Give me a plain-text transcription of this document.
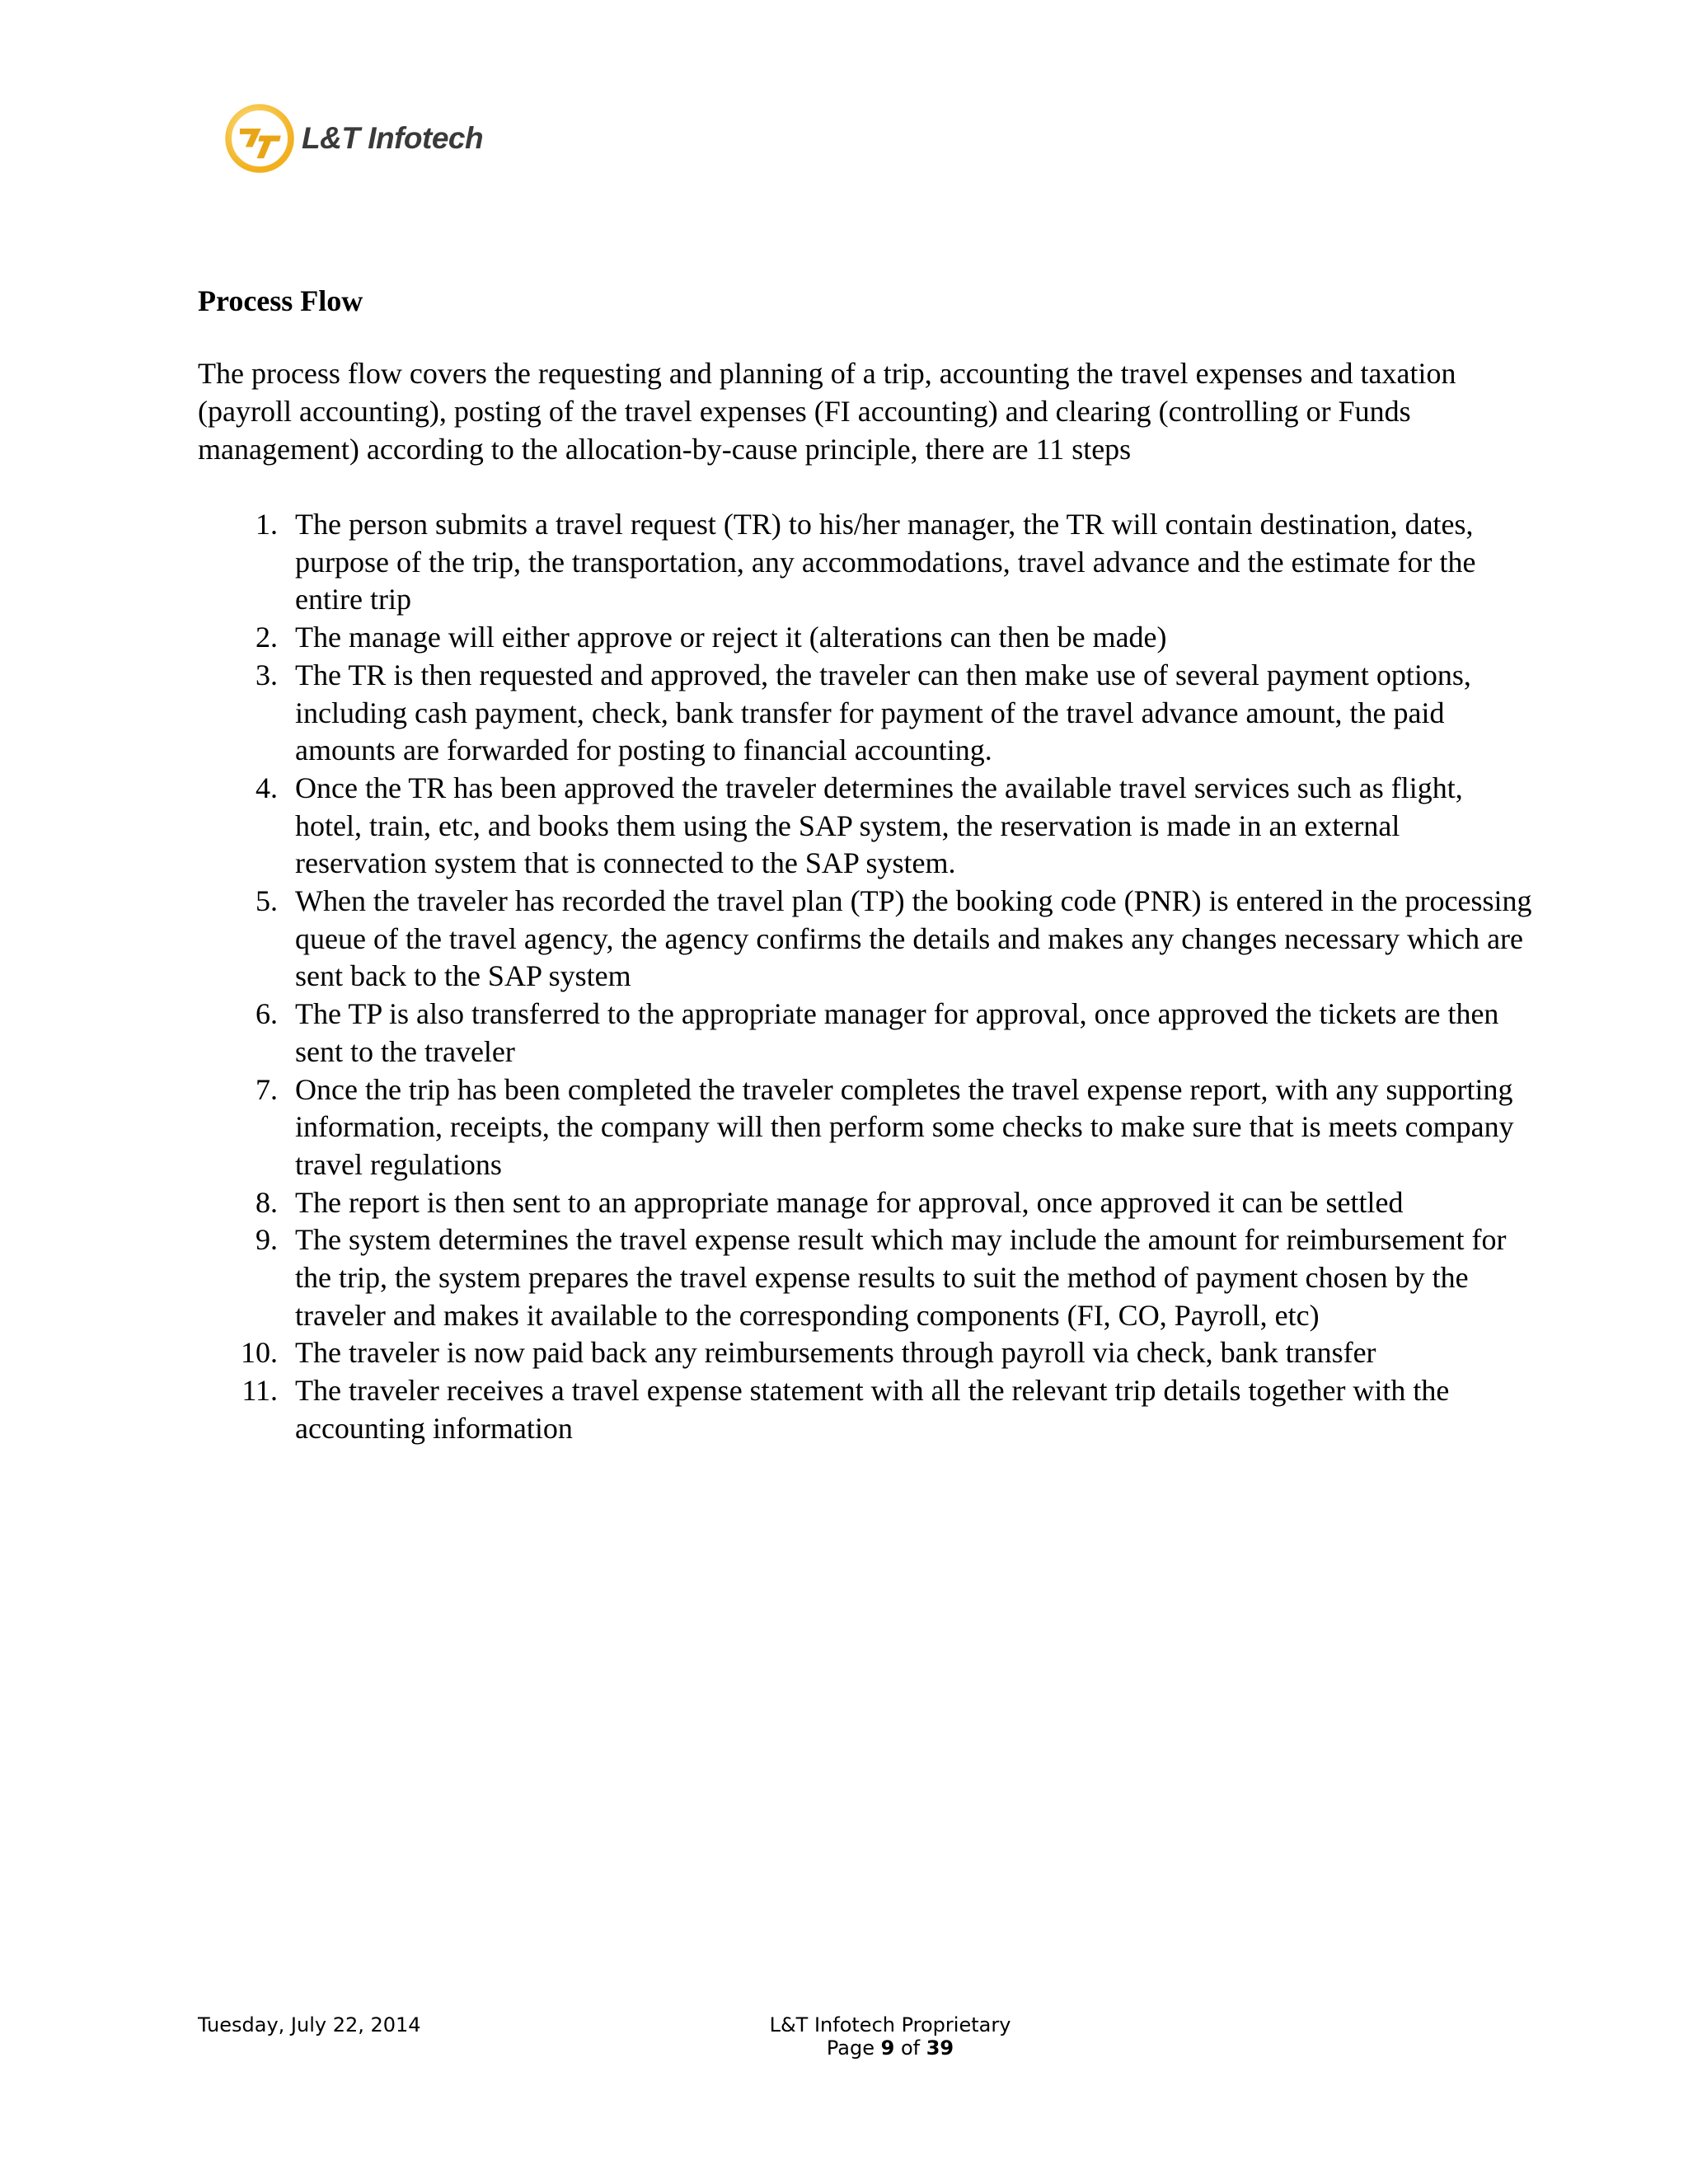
L&T Infotech
Process Flow

The process flow covers the requesting and planning of a trip, accounting the travel expenses and taxation (payroll accounting), posting of the travel expenses (FI accounting) and clearing (controlling or Funds management) according to the allocation-by-cause principle, there are 11 steps

1. The person submits a travel request (TR) to his/her manager, the TR will contain destination, dates, purpose of the trip, the transportation, any accommodations, travel advance and the estimate for the entire trip
2. The manage will either approve or reject it (alterations can then be made)
3. The TR is then requested and approved, the traveler can then make use of several payment options, including cash payment, check, bank transfer for payment of the travel advance amount, the paid amounts are forwarded for posting to financial accounting.
4. Once the TR has been approved the traveler determines the available travel services such as flight, hotel, train, etc, and books them using the SAP system, the reservation is made in an external reservation system that is connected to the SAP system.
5. When the traveler has recorded the travel plan (TP) the booking code (PNR) is entered in the processing queue of the travel agency, the agency confirms the details and makes any changes necessary which are sent back to the SAP system
6. The TP is also transferred to the appropriate manager for approval, once approved the tickets are then sent to the traveler
7. Once the trip has been completed the traveler completes the travel expense report, with any supporting information, receipts, the company will then perform some checks to make sure that is meets company travel regulations
8. The report is then sent to an appropriate manage for approval, once approved it can be settled
9. The system determines the travel expense result which may include the amount for reimbursement for the trip, the system prepares the travel expense results to suit the method of payment chosen by the traveler and makes it available to the corresponding components (FI, CO, Payroll, etc)
10. The traveler is now paid back any reimbursements through payroll via check, bank transfer
11. The traveler receives a travel expense statement with all the relevant trip details together with the accounting information
Tuesday, July 22, 2014	L&T Infotech Proprietary
Page 9 of 39
